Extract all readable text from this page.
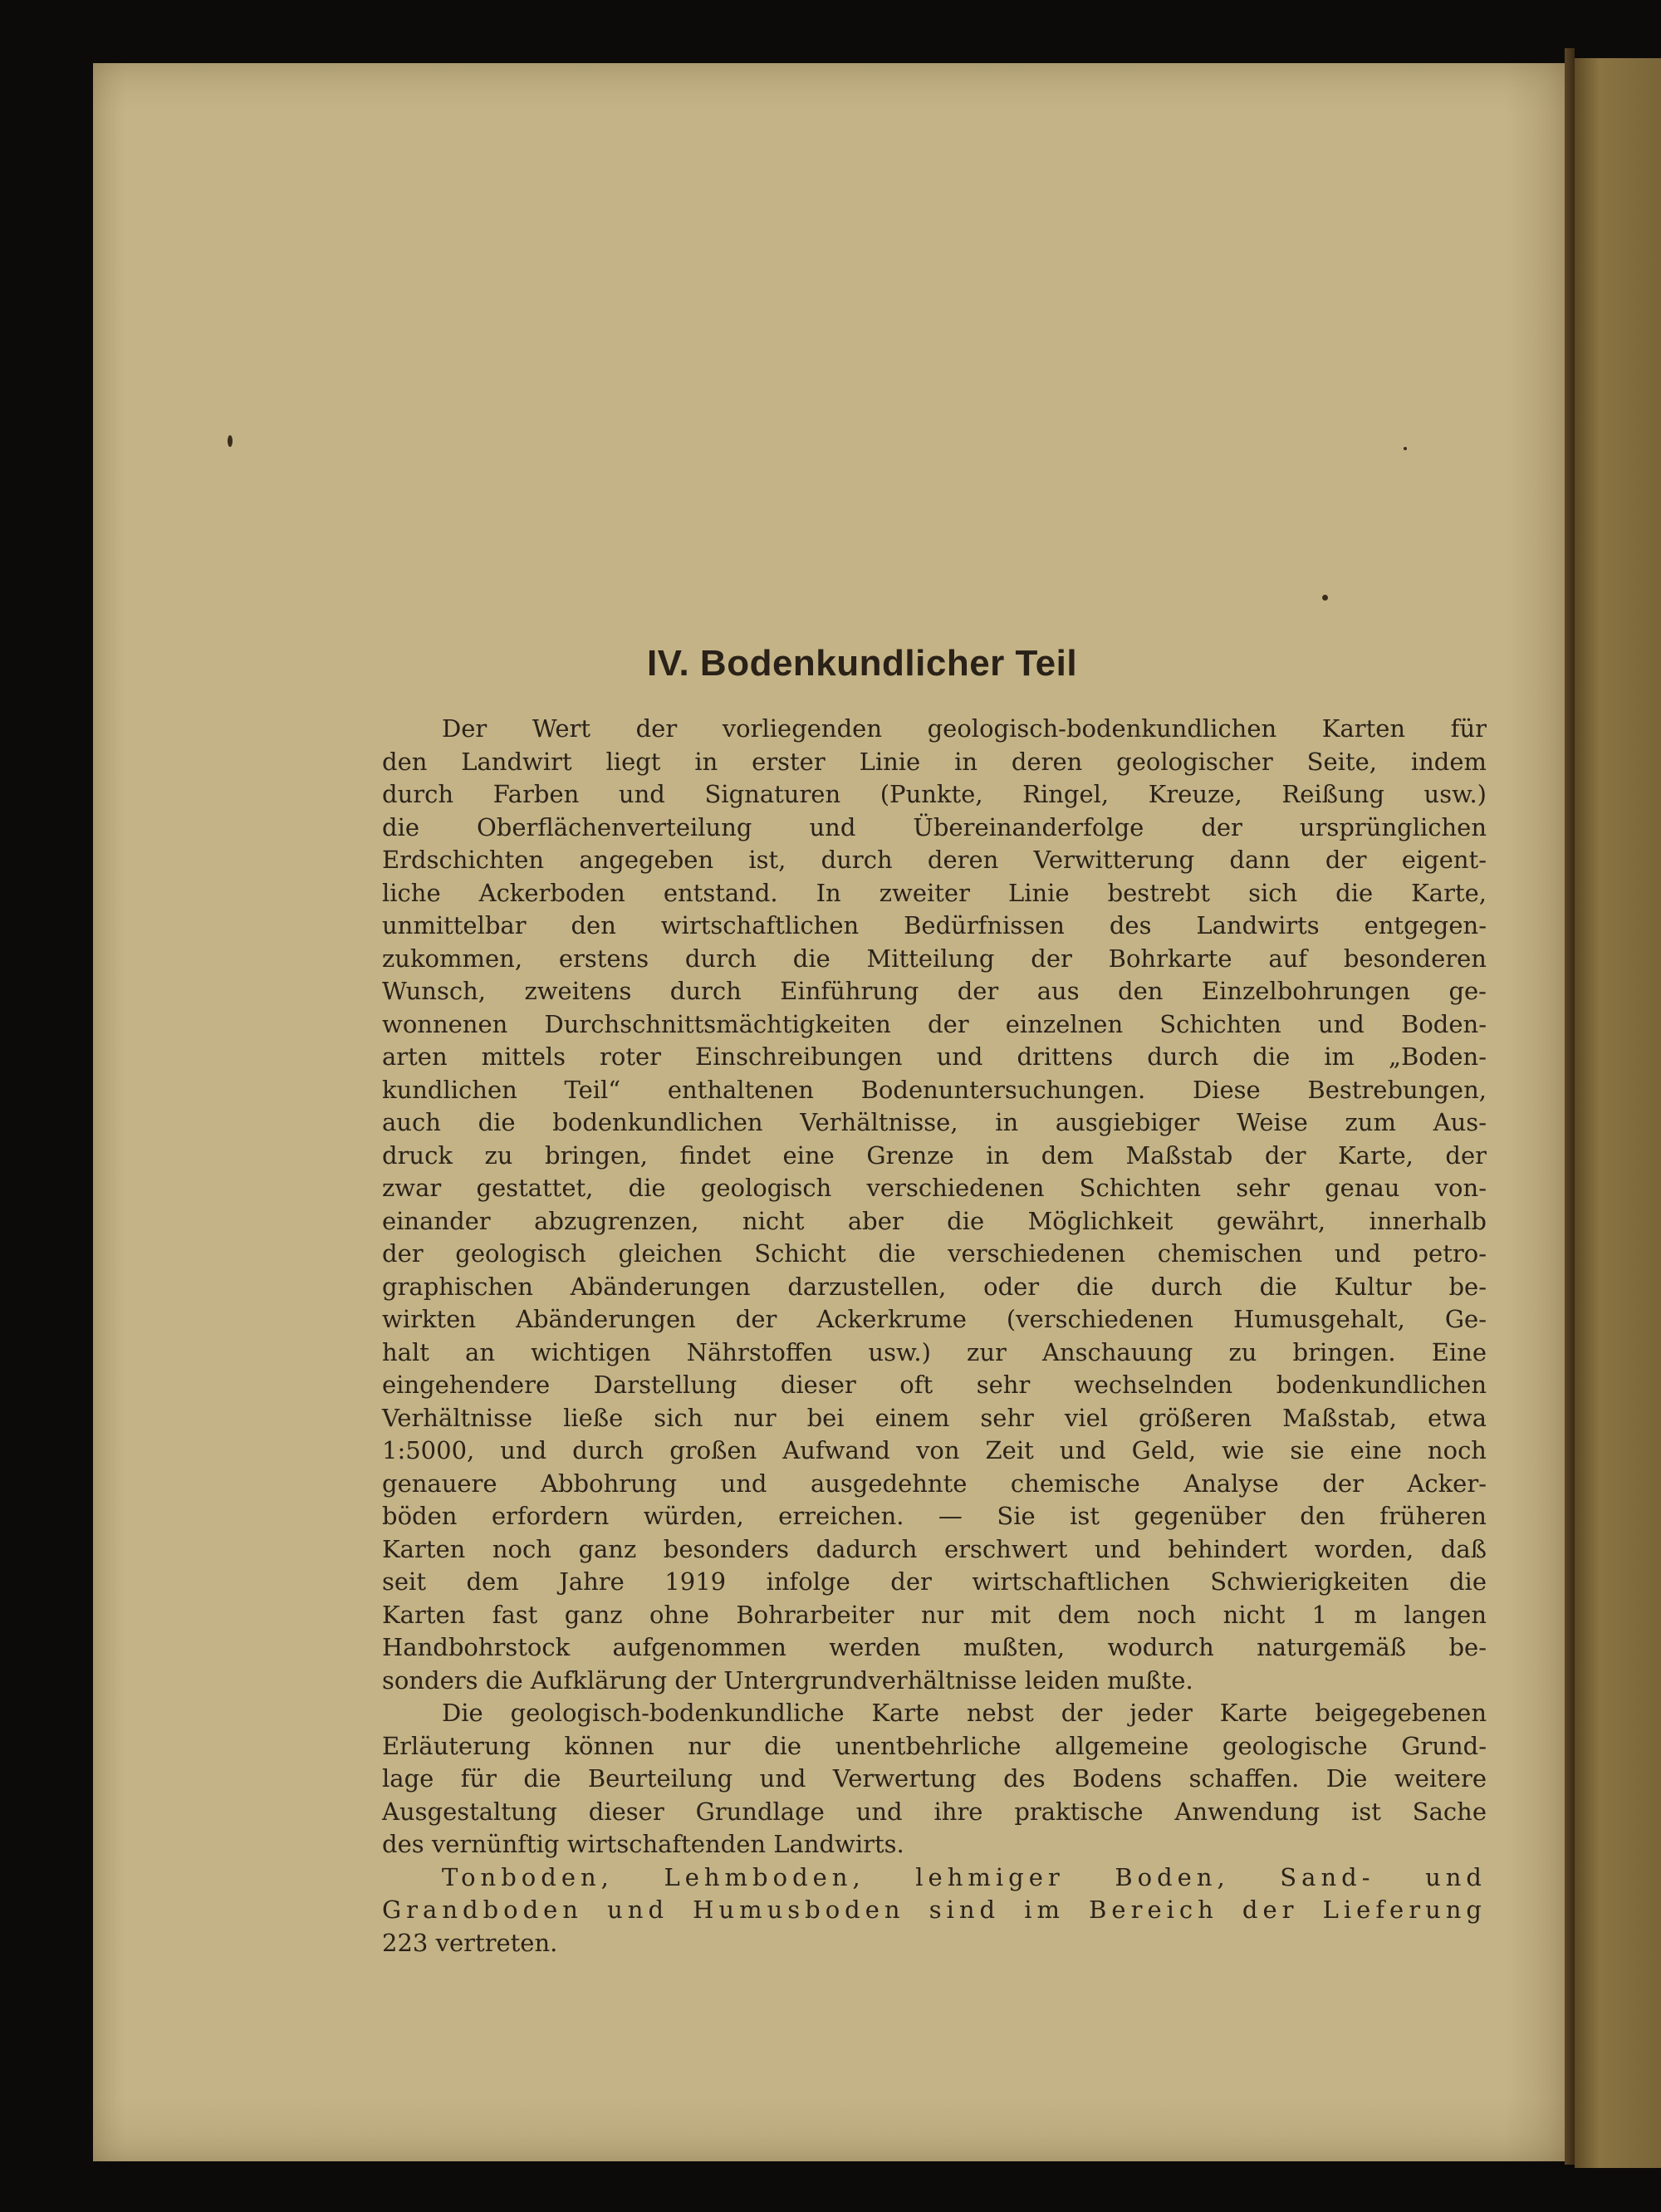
IV. Bodenkundlicher Teil
Der Wert der vorliegenden geologisch-bodenkundlichen Karten für
den Landwirt liegt in erster Linie in deren geologischer Seite, indem
durch Farben und Signaturen (Punkte, Ringel, Kreuze, Reißung usw.)
die Oberflächenverteilung und Übereinanderfolge der ursprünglichen
Erdschichten angegeben ist, durch deren Verwitterung dann der eigent-
liche Ackerboden entstand. In zweiter Linie bestrebt sich die Karte,
unmittelbar den wirtschaftlichen Bedürfnissen des Landwirts entgegen-
zukommen, erstens durch die Mitteilung der Bohrkarte auf besonderen
Wunsch, zweitens durch Einführung der aus den Einzelbohrungen ge-
wonnenen Durchschnittsmächtigkeiten der einzelnen Schichten und Boden-
arten mittels roter Einschreibungen und drittens durch die im „Boden-
kundlichen Teil“ enthaltenen Bodenuntersuchungen. Diese Bestrebungen,
auch die bodenkundlichen Verhältnisse, in ausgiebiger Weise zum Aus-
druck zu bringen, findet eine Grenze in dem Maßstab der Karte, der
zwar gestattet, die geologisch verschiedenen Schichten sehr genau von-
einander abzugrenzen, nicht aber die Möglichkeit gewährt, innerhalb
der geologisch gleichen Schicht die verschiedenen chemischen und petro-
graphischen Abänderungen darzustellen, oder die durch die Kultur be-
wirkten Abänderungen der Ackerkrume (verschiedenen Humusgehalt, Ge-
halt an wichtigen Nährstoffen usw.) zur Anschauung zu bringen. Eine
eingehendere Darstellung dieser oft sehr wechselnden bodenkundlichen
Verhältnisse ließe sich nur bei einem sehr viel größeren Maßstab, etwa
1:5000, und durch großen Aufwand von Zeit und Geld, wie sie eine noch
genauere Abbohrung und ausgedehnte chemische Analyse der Acker-
böden erfordern würden, erreichen. — Sie ist gegenüber den früheren
Karten noch ganz besonders dadurch erschwert und behindert worden, daß
seit dem Jahre 1919 infolge der wirtschaftlichen Schwierigkeiten die
Karten fast ganz ohne Bohrarbeiter nur mit dem noch nicht 1 m langen
Handbohrstock aufgenommen werden mußten, wodurch naturgemäß be-
sonders die Aufklärung der Untergrundverhältnisse leiden mußte.
Die geologisch-bodenkundliche Karte nebst der jeder Karte beigegebenen
Erläuterung können nur die unentbehrliche allgemeine geologische Grund-
lage für die Beurteilung und Verwertung des Bodens schaffen. Die weitere
Ausgestaltung dieser Grundlage und ihre praktische Anwendung ist Sache
des vernünftig wirtschaftenden Landwirts.
Tonboden, Lehmboden, lehmiger Boden, Sand- und
Grandboden und Humusboden sind im Bereich der Lieferung
223 vertreten.
